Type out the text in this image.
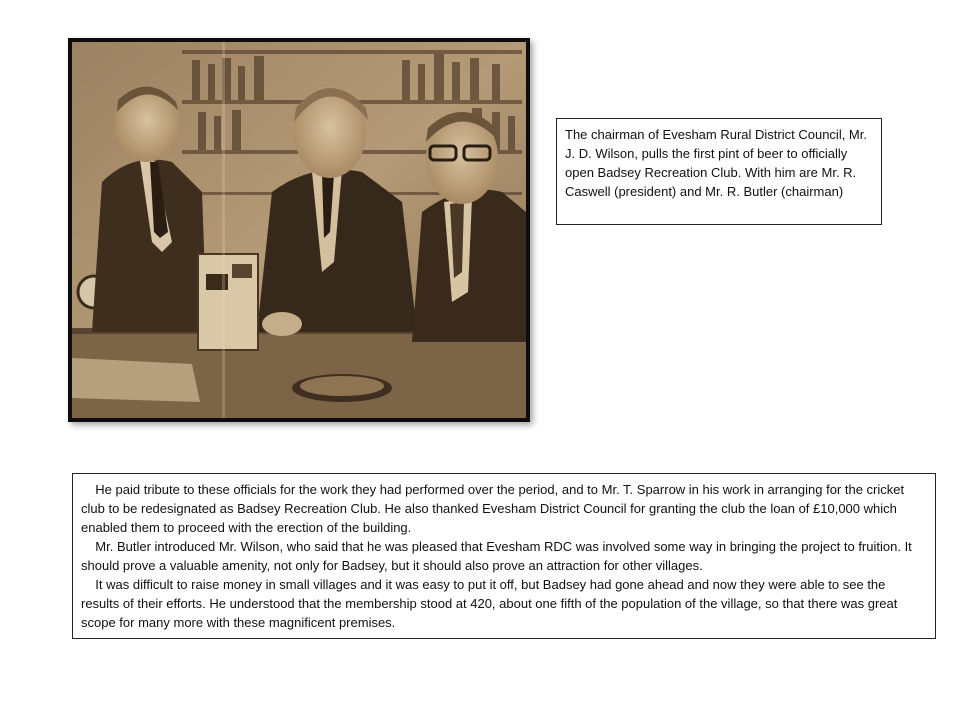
The chairman of Evesham Rural District Council, Mr. J. D. Wilson, pulls the first pint of beer to officially open Badsey Recreation Club. With him are Mr. R. Caswell (president) and Mr. R. Butler (chairman)

He paid tribute to these officials for the work they had performed over the period, and to Mr. T. Sparrow in his work in arranging for the cricket club to be redesignated as Badsey Recreation Club. He also thanked Evesham District Council for granting the club the loan of £10,000 which enabled them to proceed with the erection of the building.

Mr. Butler introduced Mr. Wilson, who said that he was pleased that Evesham RDC was involved some way in bringing the project to fruition. It should prove a valuable amenity, not only for Badsey, but it should also prove an attraction for other villages.

It was difficult to raise money in small villages and it was easy to put it off, but Badsey had gone ahead and now they were able to see the results of their efforts. He understood that the membership stood at 420, about one fifth of the population of the village, so that there was great scope for many more with these magnificent premises.
